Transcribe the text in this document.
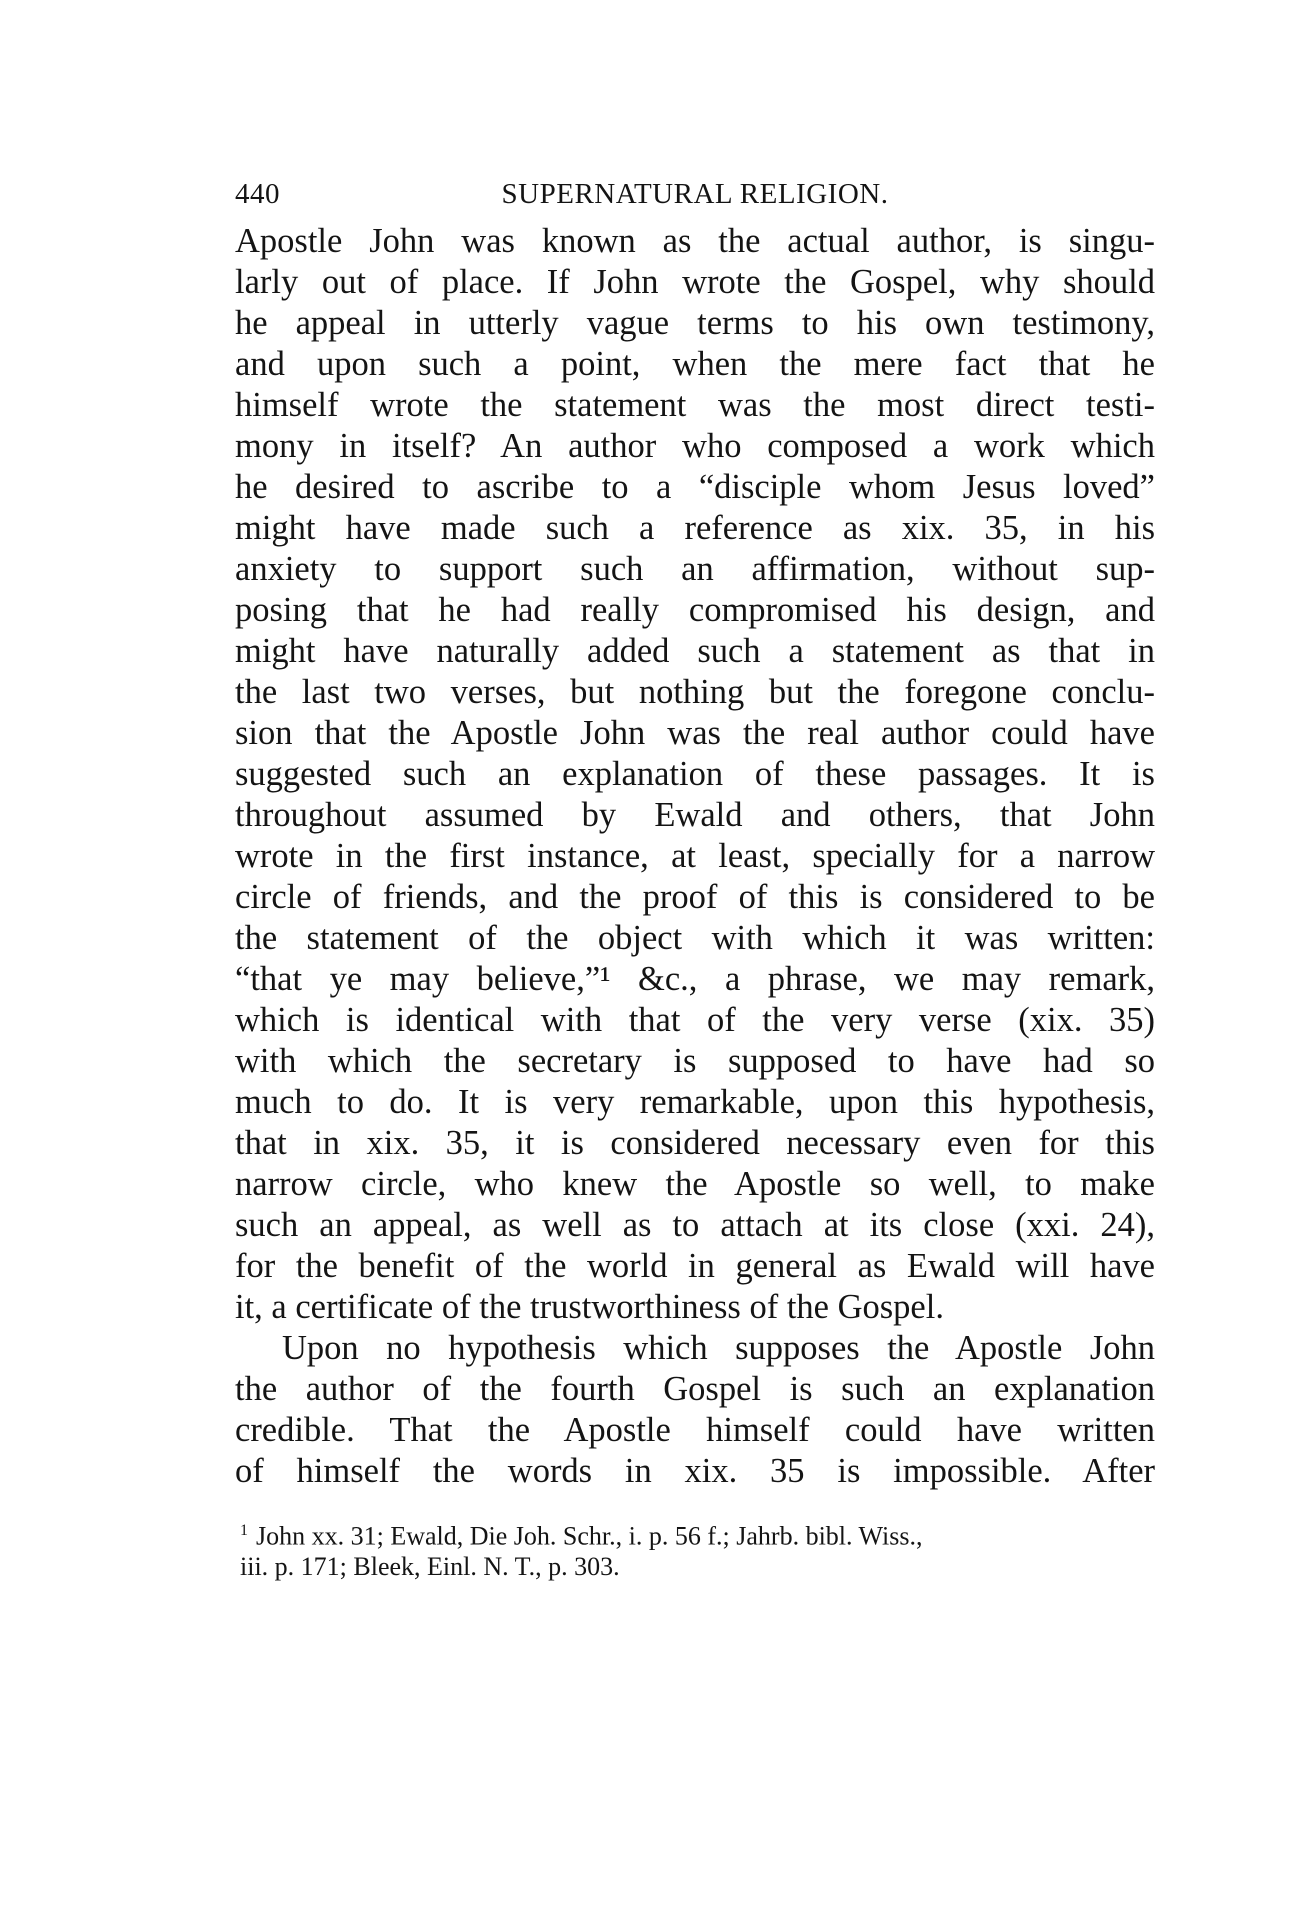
440	SUPERNATURAL RELIGION.
Apostle John was known as the actual author, is singu-
larly out of place. If John wrote the Gospel, why should
he appeal in utterly vague terms to his own testimony,
and upon such a point, when the mere fact that he
himself wrote the statement was the most direct testi-
mony in itself? An author who composed a work which
he desired to ascribe to a “disciple whom Jesus loved”
might have made such a reference as xix. 35, in his
anxiety to support such an affirmation, without sup-
posing that he had really compromised his design, and
might have naturally added such a statement as that in
the last two verses, but nothing but the foregone conclu-
sion that the Apostle John was the real author could have
suggested such an explanation of these passages. It is
throughout assumed by Ewald and others, that John
wrote in the first instance, at least, specially for a narrow
circle of friends, and the proof of this is considered to be
the statement of the object with which it was written:
“that ye may believe,”¹ &c., a phrase, we may remark,
which is identical with that of the very verse (xix. 35)
with which the secretary is supposed to have had so
much to do. It is very remarkable, upon this hypothesis,
that in xix. 35, it is considered necessary even for this
narrow circle, who knew the Apostle so well, to make
such an appeal, as well as to attach at its close (xxi. 24),
for the benefit of the world in general as Ewald will have
it, a certificate of the trustworthiness of the Gospel.
Upon no hypothesis which supposes the Apostle John
the author of the fourth Gospel is such an explanation
credible. That the Apostle himself could have written
of himself the words in xix. 35 is impossible. After
$^1$ John xx. 31; Ewald, Die Joh. Schr., i. p. 56 f.; Jahrb. bibl. Wiss.,
iii. p. 171; Bleek, Einl. N. T., p. 303.
